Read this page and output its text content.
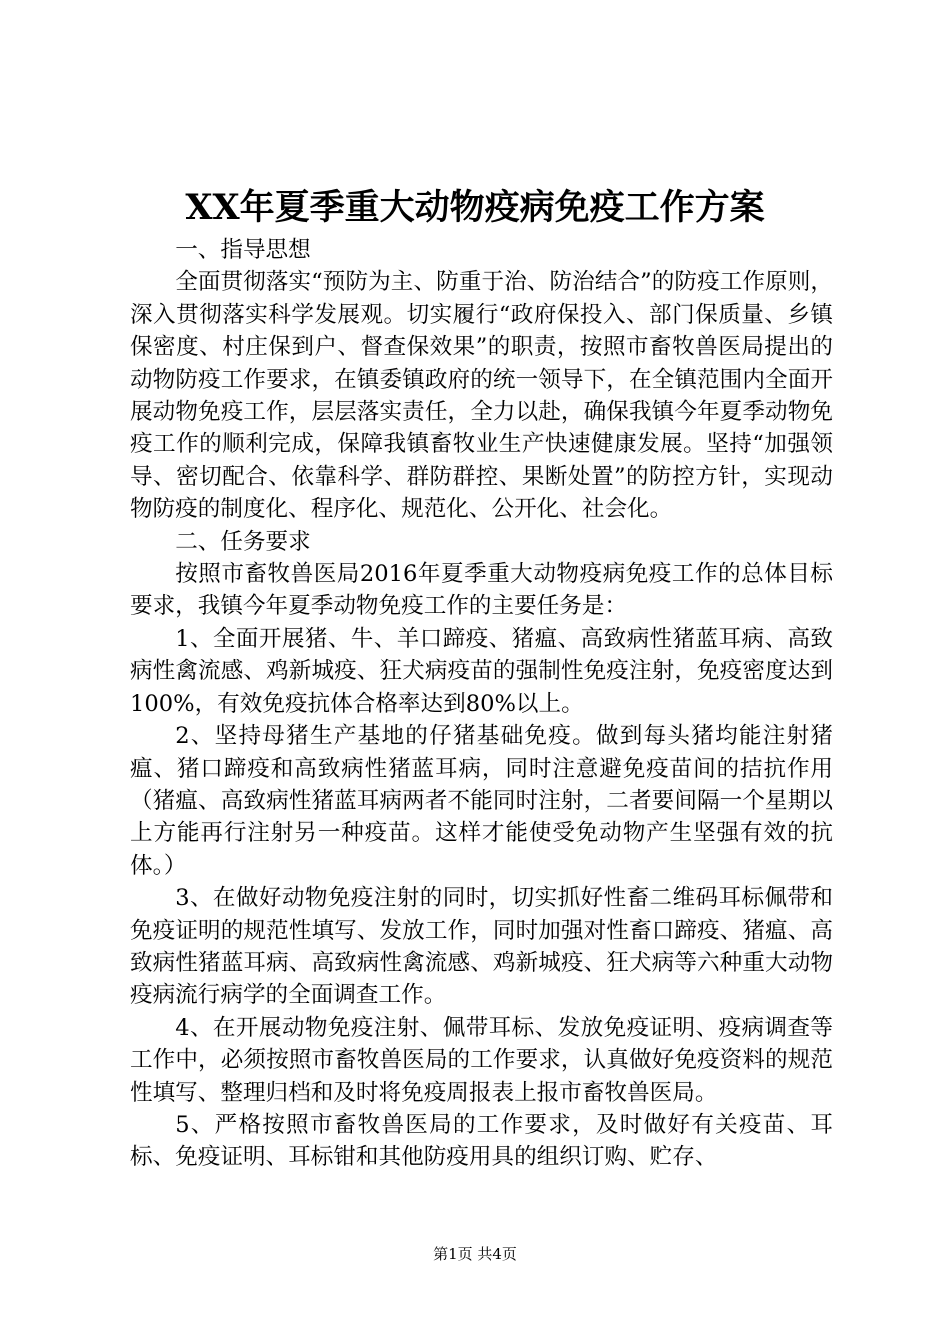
XX年夏季重大动物疫病免疫工作方案

一、指导思想

全面贯彻落实“预防为主、防重于治、防治结合”的防疫工作原则，深入贯彻落实科学发展观。切实履行“政府保投入、部门保质量、乡镇保密度、村庄保到户、督查保效果”的职责，按照市畜牧兽医局提出的动物防疫工作要求，在镇委镇政府的统一领导下，在全镇范围内全面开展动物免疫工作，层层落实责任，全力以赴，确保我镇今年夏季动物免疫工作的顺利完成，保障我镇畜牧业生产快速健康发展。坚持“加强领导、密切配合、依靠科学、群防群控、果断处置”的防控方针，实现动物防疫的制度化、程序化、规范化、公开化、社会化。

二、任务要求

按照市畜牧兽医局2016年夏季重大动物疫病免疫工作的总体目标要求，我镇今年夏季动物免疫工作的主要任务是：

1、全面开展猪、牛、羊口蹄疫、猪瘟、高致病性猪蓝耳病、高致病性禽流感、鸡新城疫、狂犬病疫苗的强制性免疫注射，免疫密度达到100%，有效免疫抗体合格率达到80%以上。

2、坚持母猪生产基地的仔猪基础免疫。做到每头猪均能注射猪瘟、猪口蹄疫和高致病性猪蓝耳病，同时注意避免疫苗间的拮抗作用（猪瘟、高致病性猪蓝耳病两者不能同时注射，二者要间隔一个星期以上方能再行注射另一种疫苗。这样才能使受免动物产生坚强有效的抗体。）

3、在做好动物免疫注射的同时，切实抓好性畜二维码耳标佩带和免疫证明的规范性填写、发放工作，同时加强对性畜口蹄疫、猪瘟、高致病性猪蓝耳病、高致病性禽流感、鸡新城疫、狂犬病等六种重大动物疫病流行病学的全面调查工作。

4、在开展动物免疫注射、佩带耳标、发放免疫证明、疫病调查等工作中，必须按照市畜牧兽医局的工作要求，认真做好免疫资料的规范性填写、整理归档和及时将免疫周报表上报市畜牧兽医局。

5、严格按照市畜牧兽医局的工作要求，及时做好有关疫苗、耳标、免疫证明、耳标钳和其他防疫用具的组织订购、贮存、

第1页 共4页
